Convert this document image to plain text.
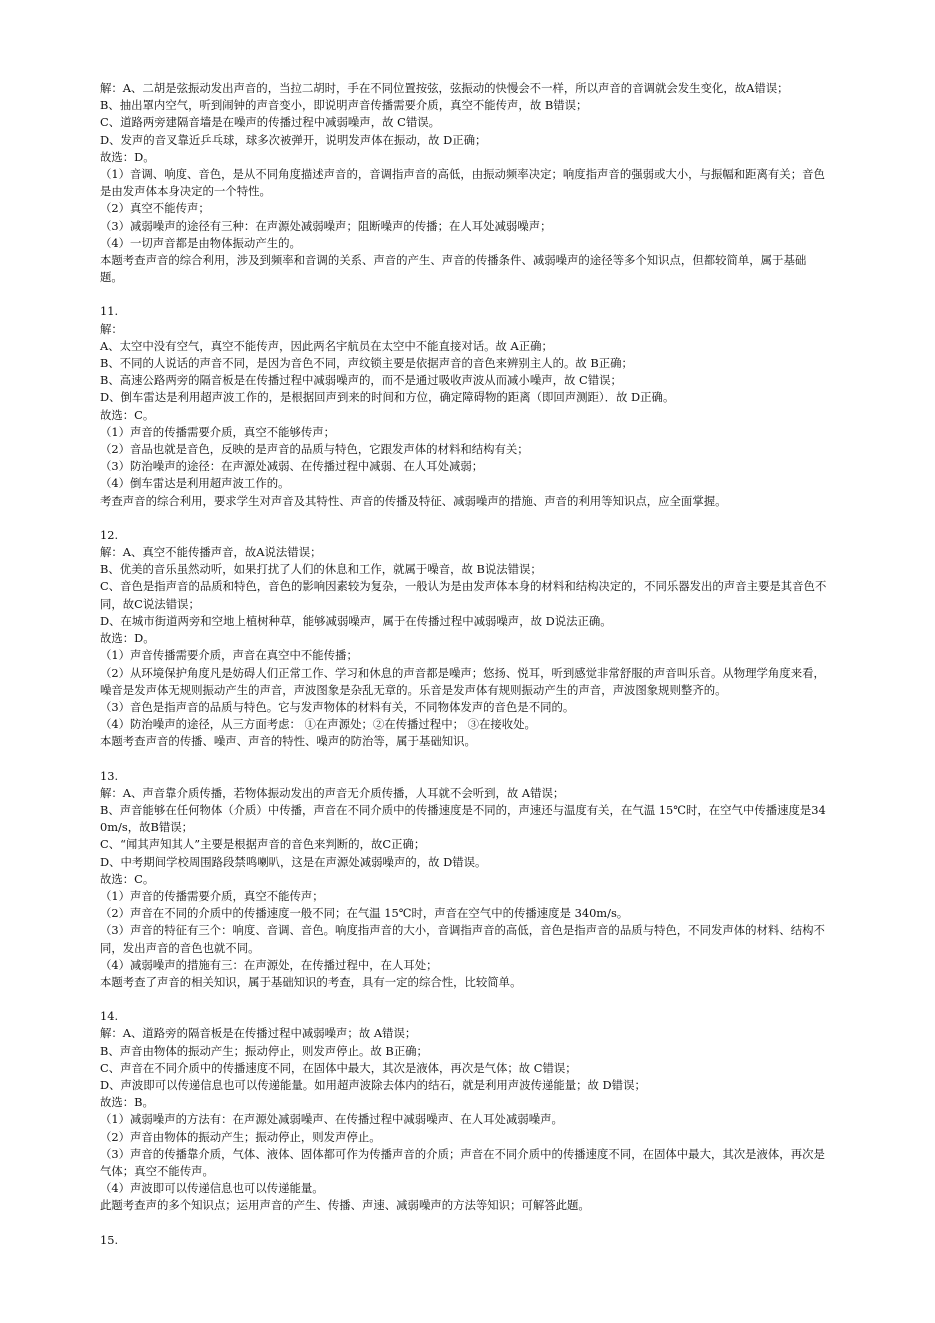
解：A、二胡是弦振动发出声音的，当拉二胡时，手在不同位置按弦，弦振动的快慢会不一样，所以声音的音调就会发生变化，故A错误；
B、抽出罩内空气，听到闹钟的声音变小，即说明声音传播需要介质，真空不能传声，故 B错误；
C、道路两旁建隔音墙是在噪声的传播过程中减弱噪声，故 C错误。
D、发声的音叉靠近乒乓球，球多次被弹开，说明发声体在振动，故 D正确；
故选：D。
（1）音调、响度、音色，是从不同角度描述声音的，音调指声音的高低，由振动频率决定；响度指声音的强弱或大小，与振幅和距离有关；音色是由发声体本身决定的一个特性。
（2）真空不能传声；
（3）减弱噪声的途径有三种：在声源处减弱噪声；阻断噪声的传播；在人耳处减弱噪声；
（4）一切声音都是由物体振动产生的。
本题考查声音的综合利用，涉及到频率和音调的关系、声音的产生、声音的传播条件、减弱噪声的途径等多个知识点，但都较简单，属于基础题。
11.
解：
A、太空中没有空气，真空不能传声，因此两名宇航员在太空中不能直接对话。故 A正确；
B、不同的人说话的声音不同，是因为音色不同，声纹锁主要是依据声音的音色来辨别主人的。故 B正确；
B、高速公路两旁的隔音板是在传播过程中减弱噪声的，而不是通过吸收声波从而减小噪声，故 C错误；
D、倒车雷达是利用超声波工作的，是根据回声到来的时间和方位，确定障碍物的距离（即回声测距）．故 D正确。
故选：C。
（1）声音的传播需要介质，真空不能够传声；
（2）音品也就是音色，反映的是声音的品质与特色，它跟发声体的材料和结构有关；
（3）防治噪声的途径：在声源处减弱、在传播过程中减弱、在人耳处减弱；
（4）倒车雷达是利用超声波工作的。
考查声音的综合利用，要求学生对声音及其特性、声音的传播及特征、减弱噪声的措施、声音的利用等知识点，应全面掌握。
12.
解：A、真空不能传播声音，故A说法错误；
B、优美的音乐虽然动听，如果打扰了人们的休息和工作，就属于噪音，故 B说法错误；
C、音色是指声音的品质和特色，音色的影响因素较为复杂，一般认为是由发声体本身的材料和结构决定的，不同乐器发出的声音主要是其音色不同，故C说法错误；
D、在城市街道两旁和空地上植树种草，能够减弱噪声，属于在传播过程中减弱噪声，故 D说法正确。
故选：D。
（1）声音传播需要介质，声音在真空中不能传播；
（2）从环境保护角度凡是妨碍人们正常工作、学习和休息的声音都是噪声；悠扬、悦耳，听到感觉非常舒服的声音叫乐音。从物理学角度来看，噪音是发声体无规则振动产生的声音，声波图象是杂乱无章的。乐音是发声体有规则振动产生的声音，声波图象规则整齐的。
（3）音色是指声音的品质与特色。它与发声物体的材料有关，不同物体发声的音色是不同的。
（4）防治噪声的途径，从三方面考虑： ①在声源处；②在传播过程中； ③在接收处。
本题考查声音的传播、噪声、声音的特性、噪声的防治等，属于基础知识。
13.
解：A、声音靠介质传播，若物体振动发出的声音无介质传播，人耳就不会听到，故 A错误；
B、声音能够在任何物体（介质）中传播，声音在不同介质中的传播速度是不同的，声速还与温度有关，在气温 15℃时，在空气中传播速度是340m/s，故B错误；
C、“闻其声知其人”主要是根据声音的音色来判断的，故C正确；
D、中考期间学校周围路段禁鸣喇叭，这是在声源处减弱噪声的，故 D错误。
故选：C。
（1）声音的传播需要介质，真空不能传声；
（2）声音在不同的介质中的传播速度一般不同；在气温 15℃时，声音在空气中的传播速度是 340m/s。
（3）声音的特征有三个：响度、音调、音色。响度指声音的大小，音调指声音的高低，音色是指声音的品质与特色，不同发声体的材料、结构不同，发出声音的音色也就不同。
（4）减弱噪声的措施有三：在声源处，在传播过程中，在人耳处；
本题考查了声音的相关知识，属于基础知识的考查，具有一定的综合性，比较简单。
14.
解：A、道路旁的隔音板是在传播过程中减弱噪声；故 A错误；
B、声音由物体的振动产生；振动停止，则发声停止。故 B正确；
C、声音在不同介质中的传播速度不同，在固体中最大，其次是液体，再次是气体；故 C错误；
D、声波即可以传递信息也可以传递能量。如用超声波除去体内的结石，就是利用声波传递能量；故 D错误；
故选：B。
（1）减弱噪声的方法有：在声源处减弱噪声、在传播过程中减弱噪声、在人耳处减弱噪声。
（2）声音由物体的振动产生；振动停止，则发声停止。
（3）声音的传播靠介质，气体、液体、固体都可作为传播声音的介质；声音在不同介质中的传播速度不同，在固体中最大，其次是液体，再次是气体；真空不能传声。
（4）声波即可以传递信息也可以传递能量。
此题考查声的多个知识点；运用声音的产生、传播、声速、减弱噪声的方法等知识；可解答此题。
15.
